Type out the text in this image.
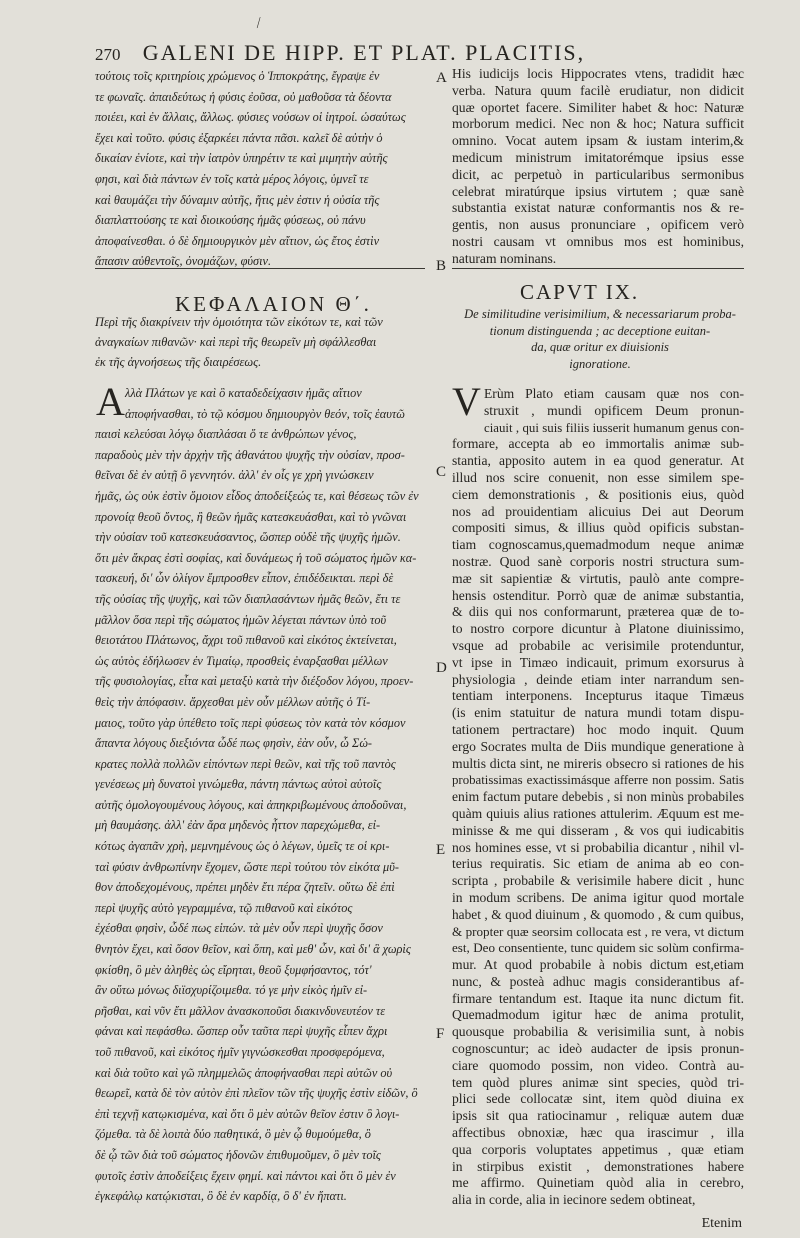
⁄
270 GALENI DE HIPP. ET PLAT. PLACITIS,
τούτοις τοῖς κριτηρίοις χρώμενος ὁ Ἱπποκράτης, ἔγραψε ἐν
τε φωναῖς. ἀπαιδεύτως ἡ φύσις ἐοῦσα, οὐ μαθοῦσα τὰ δέοντα
ποιέει, καὶ ἐν ἄλλαις, ἄλλως. φύσιες νούσων οἱ ἰητροί. ὡσαύτως
ἔχει καὶ τοῦτο. φύσις ἐξαρκέει πάντα πᾶσι. καλεῖ δὲ αὐτὴν ὁ
δικαίαν ἐνίοτε, καὶ τὴν ἰατρὸν ὑπηρέτιν τε καὶ μιμητὴν αὐτῆς
φησι, καὶ διὰ πάντων ἐν τοῖς κατὰ μέρος λόγοις, ὑμνεῖ τε
καὶ θαυμάζει τὴν δύναμιν αὐτῆς, ἥτις μὲν ἐστιν ἡ οὐσία τῆς
διαπλαττούσης τε καὶ διοικούσης ἡμᾶς φύσεως, οὐ πάνυ
ἀποφαίνεσθαι. ὁ δὲ δημιουργικὸν μὲν αἴτιον, ὡς ἔτος ἐστὶν
ἅπασιν αὐθεντοῖς, ὀνομάζων, φύσιν.
His iudicijs locis Hippocrates vtens, tradidit hæc
verba. Natura quum facilè erudiatur, non didicit
quæ oportet facere. Similiter habet & hoc: Naturæ
morborum medici. Nec non & hoc; Natura sufficit
omnino. Vocat autem ipsam & iustam interim,&
medicum ministrum imitatorémque ipsius esse
dicit, ac perpetuò in particularibus sermonibus
celebrat miratúrque ipsius virtutem ; quæ sanè
substantia existat naturæ conformantis nos & re-
gentis, non ausus pronunciare , opificem verò
nostri causam vt omnibus mos est hominibus,
naturam nominans.
A
B
C
D
E
F
ΚΕΦΑΛΑΙΟΝ Θ΄.	CAPVT IX.
Περὶ τῆς διακρίνειν τὴν ὁμοιότητα τῶν εἰκότων τε, καὶ τῶν
ἀναγκαίων πιθανῶν· καὶ περὶ τῆς θεωρεῖν μὴ σφάλλεσθαι
ἐκ τῆς ἀγνοήσεως τῆς διαιρέσεως.
De similitudine verisimilium, & necessariarum proba-
tionum distinguenda ; ac deceptione euitan-
da, quæ oritur ex diuisionis
ignoratione.
Α	V
λλὰ Πλάτων γε καὶ ὃ καταδεδείχασιν ἡμᾶς αἴτιον
ἀποφήνασθαι, τὸ τῷ κόσμου δημιουργὸν θεόν, τοῖς ἑαυτῶ
παισὶ κελεύσαι λόγῳ διαπλάσαι ὅ τε ἀνθρώπων γένος,
παραδοὺς μὲν τὴν ἀρχὴν τῆς ἀθανάτου ψυχῆς τὴν οὐσίαν, προσ-
θεῖναι δὲ ἐν αὐτῇ ὃ γεννητόν. ἀλλ' ἐν οἷς γε χρὴ γινώσκειν
ἡμᾶς, ὡς οὐκ ἐστὶν ὅμοιον εἶδος ἀποδείξεώς τε, καὶ θέσεως τῶν ἐν
προνοίᾳ θεοῦ ὄντος, ἢ θεῶν ἡμᾶς κατεσκευάσθαι, καὶ τὸ γνῶναι
τὴν οὐσίαν τοῦ κατεσκευάσαντος, ὥσπερ οὐδὲ τῆς ψυχῆς ἡμῶν.
ὅτι μὲν ἄκρας ἐστὶ σοφίας, καὶ δυνάμεως ἡ τοῦ σώματος ἡμῶν κα-
τασκευή, δι' ὧν ὀλίγον ἔμπροσθεν εἶπον, ἐπιδέδεικται. περὶ δὲ
τῆς οὐσίας τῆς ψυχῆς, καὶ τῶν διαπλασάντων ἡμᾶς θεῶν, ἔτι τε
μᾶλλον ὅσα περὶ τῆς σώματος ἡμῶν λέγεται πάντων ὑπὸ τοῦ
θειοτάτου Πλάτωνος, ἄχρι τοῦ πιθανοῦ καὶ εἰκότος ἐκτείνεται,
ὡς αὐτὸς ἐδήλωσεν ἐν Τιμαίῳ, προσθεὶς ἐναρξασθαι μέλλων
τῆς φυσιολογίας, εἶτα καὶ μεταξὺ κατὰ τὴν διέξοδον λόγου, προεν-
θεὶς τὴν ἀπόφασιν. ἄρχεσθαι μὲν οὖν μέλλων αὐτῆς ὁ Τί-
μαιος, τοῦτο γὰρ ὑπέθετο τοῖς περὶ φύσεως τὸν κατὰ τὸν κόσμον
ἅπαντα λόγους διεξιόντα ὧδέ πως φησὶν, ἐὰν οὖν, ὦ Σώ-
κρατες πολλὰ πολλῶν εἰπόντων περὶ θεῶν, καὶ τῆς τοῦ παντὸς
γενέσεως μὴ δυνατοὶ γινώμεθα, πάντη πάντως αὐτοὶ αὑτοῖς
αὐτῆς ὁμολογουμένους λόγους, καὶ ἀπηκριβωμένους ἀποδοῦναι,
μὴ θαυμάσης. ἀλλ' ἐὰν ἄρα μηδενὸς ἧττον παρεχώμεθα, εἰ-
κότως ἀγαπᾶν χρὴ, μεμνημένους ὡς ὁ λέγων, ὑμεῖς τε οἱ κρι-
ταὶ φύσιν ἀνθρωπίνην ἔχομεν, ὥστε περὶ τούτου τὸν εἰκότα μῦ-
θον ἀποδεχομένους, πρέπει μηδὲν ἔτι πέρα ζητεῖν. οὕτω δὲ ἐπὶ
περὶ ψυχῆς αὐτὸ γεγραμμένα, τῷ πιθανοῦ καὶ εἰκότος
ἐχέσθαι φησὶν, ὧδέ πως εἰπών. τὰ μὲν οὖν περὶ ψυχῆς ὅσον
θνητὸν ἔχει, καὶ ὅσον θεῖον, καὶ ὅπη, καὶ μεθ' ὧν, καὶ δι' ἃ χωρὶς
φκίσθη, ὃ μὲν ἀληθὲς ὡς εἴρηται, θεοῦ ξυμφήσαντος, τότ'
ἂν οὕτω μόνως διϊσχυρίζοιμεθα. τό γε μὴν εἰκὸς ἡμῖν εἰ-
ρῆσθαι, καὶ νῦν ἔτι μᾶλλον ἀνασκοποῦσι διακινδυνευτέον τε
φάναι καὶ πεφάσθω. ὥσπερ οὖν ταῦτα περὶ ψυχῆς εἶπεν ἄχρι
τοῦ πιθανοῦ, καὶ εἰκότος ἡμῖν γιγνώσκεσθαι προσφερόμενα,
καὶ διὰ τοῦτο καὶ γῶ πλημμελῶς ἀποφήνασθαι περὶ αὐτῶν οὐ
θεωρεῖ, κατὰ δὲ τὸν αὐτὸν ἐπὶ πλεῖον τῶν τῆς ψυχῆς ἐστὶν εἰδῶν, ὃ
ἐπὶ τεχνῇ κατῳκισμένα, καὶ ὅτι ὃ μὲν αὐτῶν θεῖον ἐστιν ὃ λογι-
ζόμεθα. τὰ δὲ λοιπὰ δύο παθητικά, ὃ μὲν ᾧ θυμούμεθα, ὃ
δὲ ᾧ τῶν διὰ τοῦ σώματος ἡδονῶν ἐπιθυμοῦμεν, ὃ μὲν τοῖς
φυτοῖς ἐστὶν ἀποδείξεις ἔχειν φημί. καὶ πάντοι καὶ ὅτι ὃ μὲν ἐν
ἐγκεφάλῳ κατῴκισται, ὃ δὲ ἐν καρδίᾳ, ὃ δ' ἐν ἥπατι.
Erùm Plato etiam causam quæ nos con-
struxit , mundi opificem Deum pronun-
ciauit , qui suis filiis iusserit humanum genus con-
formare, accepta ab eo immortalis animæ sub-
stantia, apposito autem in ea quod generatur. At
illud nos scire conuenit, non esse similem spe-
ciem demonstrationis , & positionis eius, quòd
nos ad prouidentiam alicuius Dei aut Deorum
compositi simus, & illius quòd opificis substan-
tiam cognoscamus,quemadmodum neque animæ
nostræ. Quod sanè corporis nostri structura sum-
mæ sit sapientiæ & virtutis, paulò ante compre-
hensis ostenditur. Porrò quæ de animæ substantia,
& diis qui nos conformarunt, præterea quæ de to-
to nostro corpore dicuntur à Platone diuinissimo,
vsque ad probabile ac verisimile protenduntur,
vt ipse in Timæo indicauit, primum exorsurus à
physiologia , deinde etiam inter narrandum sen-
tentiam interponens. Incepturus itaque Timæus
(is enim statuitur de natura mundi totam dispu-
tationem pertractare) hoc modo inquit. Quum
ergo Socrates multa de Diis mundique generatione à
multis dicta sint, ne mireris obsecro si rationes de his
probatissimas exactissimásque afferre non possim. Satis
enim factum putare debebis , si non minùs probabiles
quàm quiuis alius rationes attulerim. Æquum est me-
minisse & me qui disseram , & vos qui iudicabitis
nos homines esse, vt si probabilia dicantur , nihil vl-
terius requiratis. Sic etiam de anima ab eo con-
scripta , probabile & verisimile habere dicit , hunc
in modum scribens. De anima igitur quod mortale
habet , & quod diuinum , & quomodo , & cum quibus,
& propter quæ seorsim collocata est , re vera, vt dictum
est, Deo consentiente, tunc quidem sic solùm confirma-
mur. At quod probabile à nobis dictum est,etiam
nunc, & posteà adhuc magis considerantibus af-
firmare tentandum est. Itaque ita nunc dictum fit.
Quemadmodum igitur hæc de anima protulit,
quousque probabilia & verisimilia sunt, à nobis
cognoscuntur; ac ideò audacter de ipsis pronun-
ciare quomodo possim, non video. Contrà au-
tem quòd plures animæ sint species, quòd tri-
plici sede collocatæ sint, item quòd diuina ex
ipsis sit qua ratiocinamur , reliquæ autem duæ
affectibus obnoxiæ, hæc qua irascimur , illa
qua corporis voluptates appetimus , quæ etiam
in stirpibus existit , demonstrationes habere
me affirmo. Quinetiam quòd alia in cerebro,
alia in corde, alia in iecinore sedem obtineat,
Etenim
